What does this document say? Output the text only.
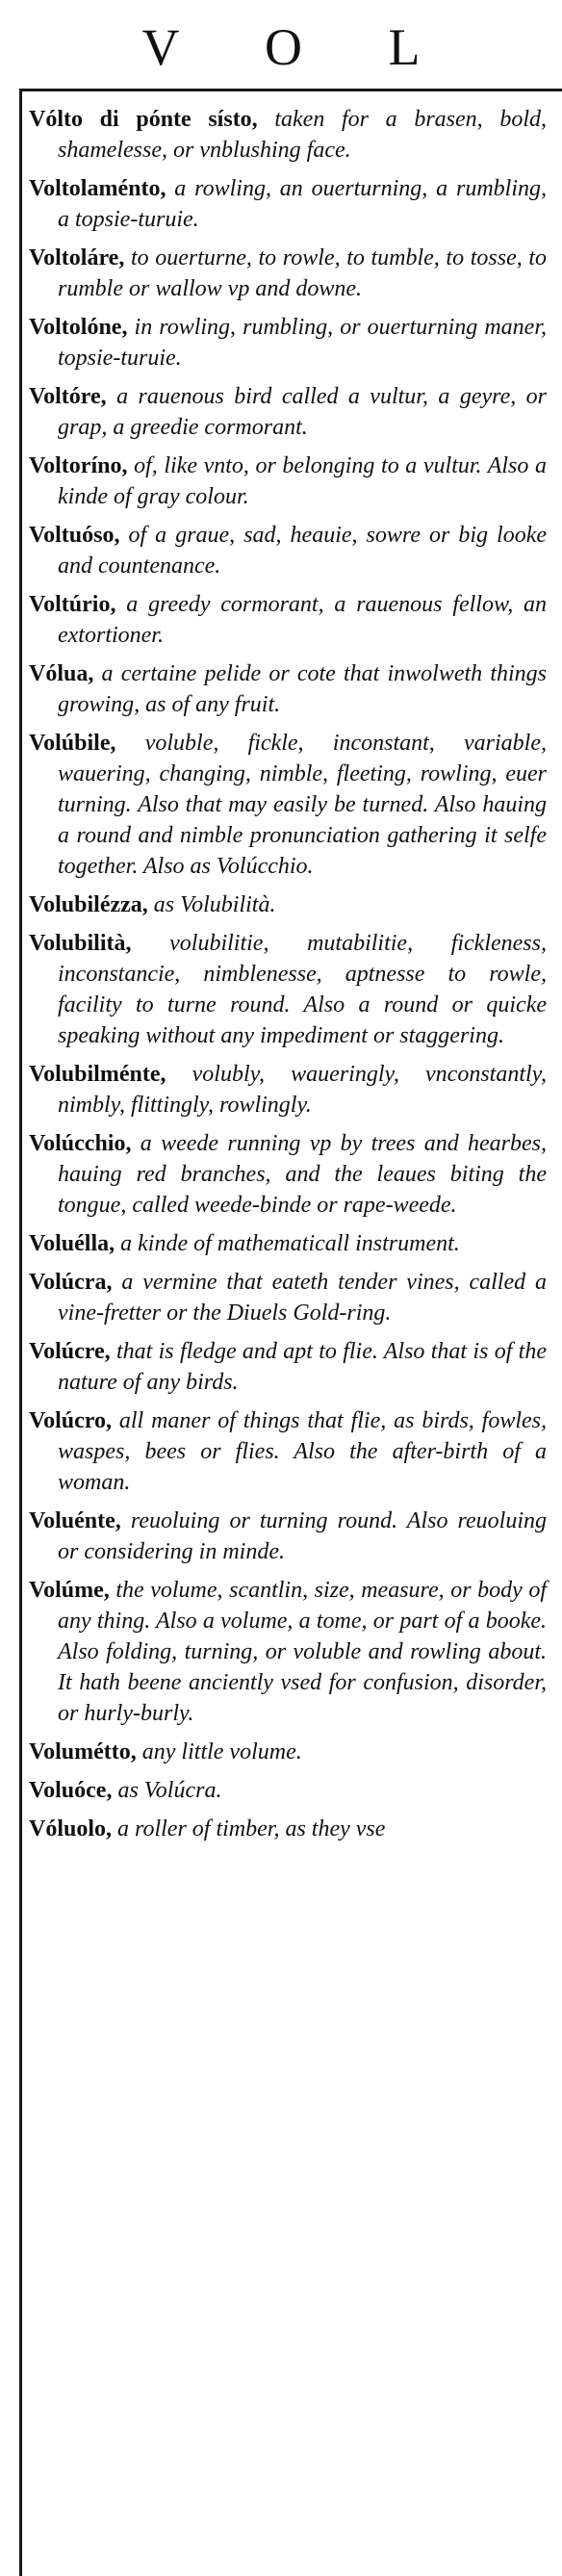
V O L

Vólto di pónte sísto, taken for a brasen, bold, shamelesse, or vnblushing face.

Voltolaménto, a rowling, an ouerturning, a rumbling, a topsie-turuie.

Voltoláre, to ouerturne, to rowle, to tumble, to tosse, to rumble or wallow vp and downe.

Voltolóne, in rowling, rumbling, or ouerturning maner, topsie-turuie.

Voltóre, a rauenous bird called a vultur, a geyre, or grap, a greedie cormorant.

Voltoríno, of, like vnto, or belonging to a vultur. Also a kinde of gray colour.

Voltuóso, of a graue, sad, heauie, sowre or big looke and countenance.

Voltúrio, a greedy cormorant, a rauenous fellow, an extortioner.

Vólua, a certaine pelide or cote that inwolweth things growing, as of any fruit.

Volúbile, voluble, fickle, inconstant, variable, wauering, changing, nimble, fleeting, rowling, euer turning. Also that may easily be turned. Also hauing a round and nimble pronunciation gathering it selfe together. Also as Volúcchio.

Volubilézza, as Volubilità.

Volubilità, volubilitie, mutabilitie, fickleness, inconstancie, nimblenesse, aptnesse to rowle, facility to turne round. Also a round or quicke speaking without any impediment or staggering.

Volubilménte, volubly, waueringly, vnconstantly, nimbly, flittingly, rowlingly.

Volúcchio, a weede running vp by trees and hearbes, hauing red branches, and the leaues biting the tongue, called weede-binde or rape-weede.

Voluélla, a kinde of mathematicall instrument.

Volúcra, a vermine that eateth tender vines, called a vine-fretter or the Diuels Gold-ring.

Volúcre, that is fledge and apt to flie. Also that is of the nature of any birds.

Volúcro, all maner of things that flie, as birds, fowles, waspes, bees or flies. Also the after-birth of a woman.

Voluénte, reuoluing or turning round. Also reuoluing or considering in minde.

Volúme, the volume, scantlin, size, measure, or body of any thing. Also a volume, a tome, or part of a booke. Also folding, turning, or voluble and rowling about. It hath beene anciently vsed for confusion, disorder, or hurly-burly.

Volumétto, any little volume.

Voluóce, as Volúcra.

Vóluolo, a roller of timber, as they vse
